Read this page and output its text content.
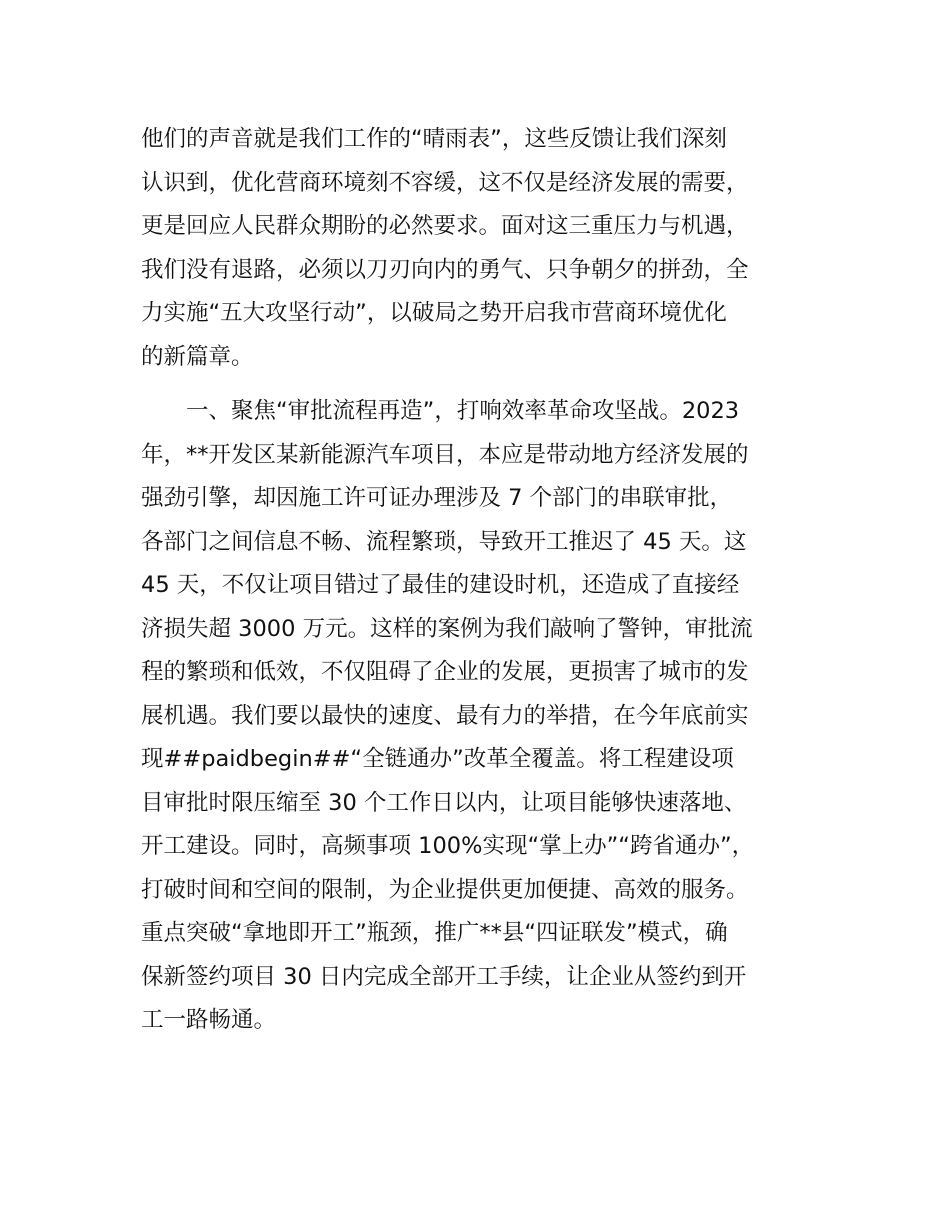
他们的声音就是我们工作的“晴雨表”，这些反馈让我们深刻
认识到，优化营商环境刻不容缓，这不仅是经济发展的需要，
更是回应人民群众期盼的必然要求。面对这三重压力与机遇，
我们没有退路，必须以刀刃向内的勇气、只争朝夕的拼劲，全
力实施“五大攻坚行动”，以破局之势开启我市营商环境优化
的新篇章。
　　一、聚焦“审批流程再造”，打响效率革命攻坚战。2023
年，**开发区某新能源汽车项目，本应是带动地方经济发展的
强劲引擎，却因施工许可证办理涉及 7 个部门的串联审批，
各部门之间信息不畅、流程繁琐，导致开工推迟了 45 天。这
45 天，不仅让项目错过了最佳的建设时机，还造成了直接经
济损失超 3000 万元。这样的案例为我们敲响了警钟，审批流
程的繁琐和低效，不仅阻碍了企业的发展，更损害了城市的发
展机遇。我们要以最快的速度、最有力的举措，在今年底前实
现##paidbegin##“全链通办”改革全覆盖。将工程建设项
目审批时限压缩至 30 个工作日以内，让项目能够快速落地、
开工建设。同时，高频事项 100%实现“掌上办”“跨省通办”，
打破时间和空间的限制，为企业提供更加便捷、高效的服务。
重点突破“拿地即开工”瓶颈，推广**县“四证联发”模式，确
保新签约项目 30 日内完成全部开工手续，让企业从签约到开
工一路畅通。
